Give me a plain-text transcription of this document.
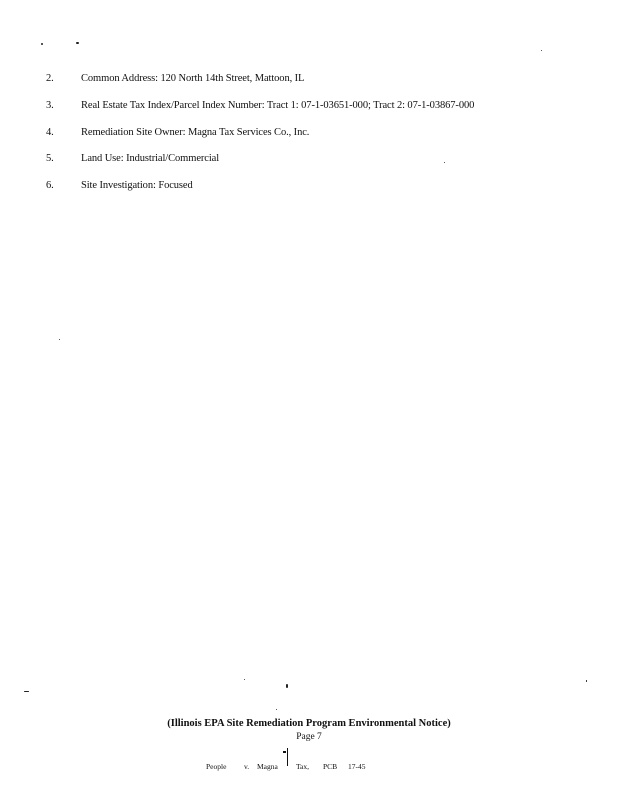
2.	Common Address: 120 North 14th Street, Mattoon, IL
3.	Real Estate Tax Index/Parcel Index Number: Tract 1: 07-1-03651-000; Tract 2: 07-1-03867-000
4.	Remediation Site Owner: Magna Tax Services Co., Inc.
5.	Land Use: Industrial/Commercial
6.	Site Investigation: Focused
(Illinois EPA Site Remediation Program Environmental Notice)
Page 7
People v. Magna Tax, PCB 17-45
